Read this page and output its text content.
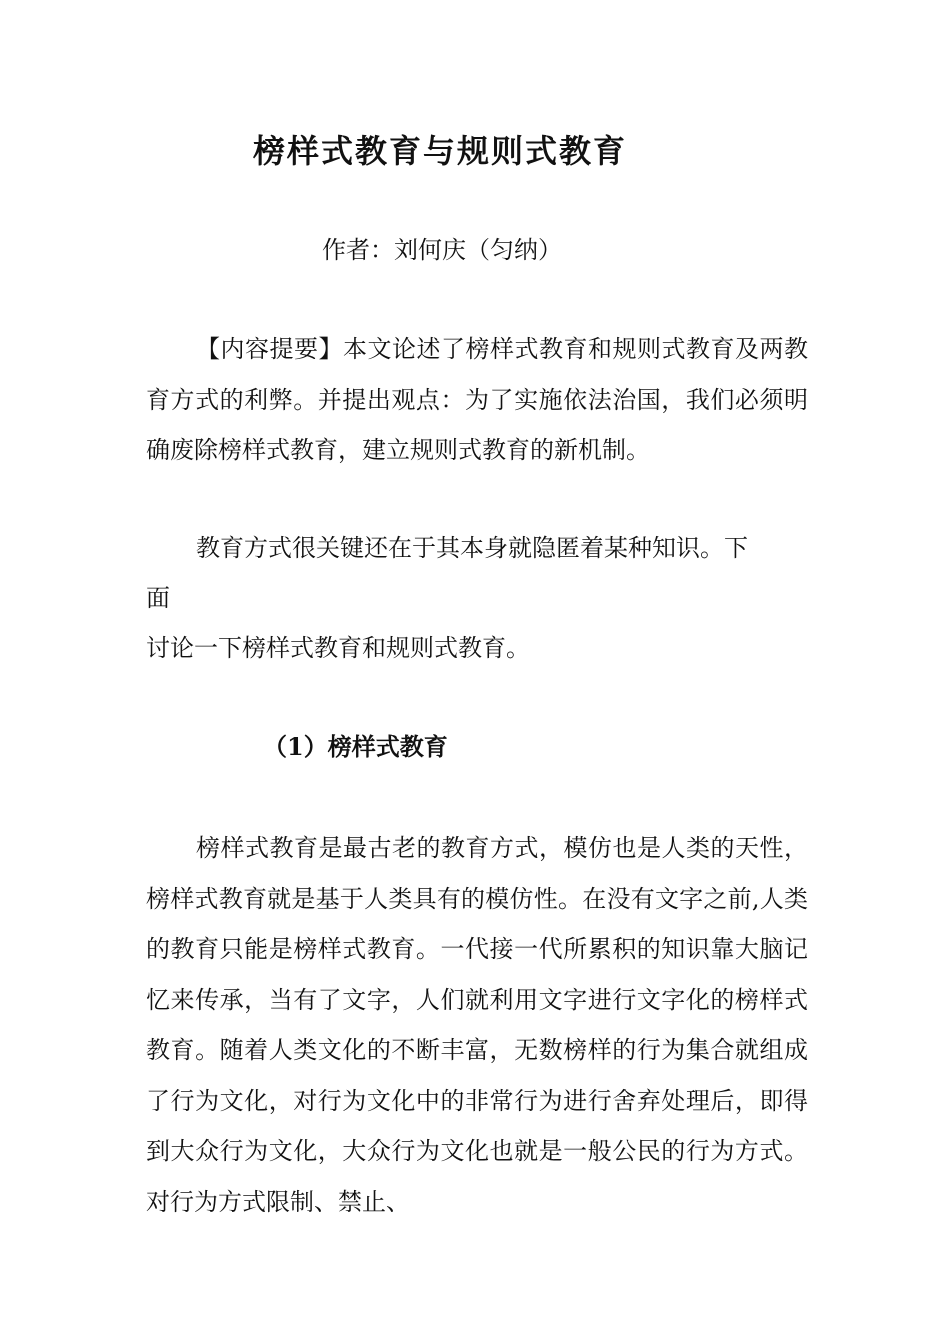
榜样式教育与规则式教育

作者：刘何庆（匀纳）

【内容提要】本文论述了榜样式教育和规则式教育及两教育方式的利弊。并提出观点：为了实施依法治国，我们必须明确废除榜样式教育，建立规则式教育的新机制。

教育方式很关键还在于其本身就隐匿着某种知识。下

面

讨论一下榜样式教育和规则式教育。

（1）榜样式教育

榜样式教育是最古老的教育方式，模仿也是人类的天性，榜样式教育就是基于人类具有的模仿性。在没有文字之前,人类的教育只能是榜样式教育。一代接一代所累积的知识靠大脑记忆来传承，当有了文字，人们就利用文字进行文字化的榜样式教育。随着人类文化的不断丰富，无数榜样的行为集合就组成了行为文化，对行为文化中的非常行为进行舍弃处理后，即得到大众行为文化，大众行为文化也就是一般公民的行为方式。对行为方式限制、禁止、
